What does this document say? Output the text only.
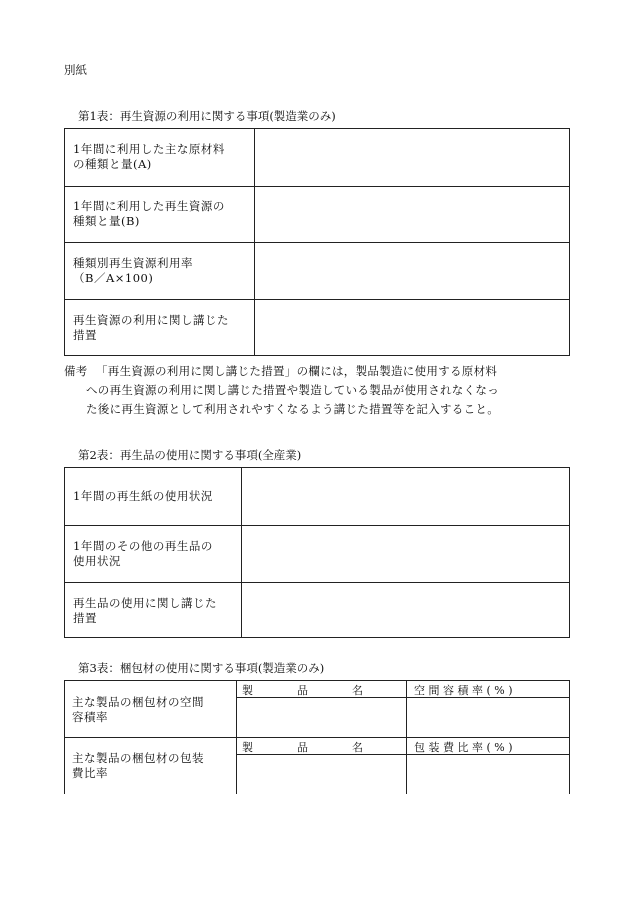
別紙
第1表：再生資源の利用に関する事項(製造業のみ)
1年間に利用した主な原材料
の種類と量(A)
1年間に利用した再生資源の
種類と量(B)
種類別再生資源利用率
（B／A×100)
再生資源の利用に関し講じた
措置
備考 「再生資源の利用に関し講じた措置」の欄には，製品製造に使用する原材料
への再生資源の利用に関し講じた措置や製造している製品が使用されなくなっ
た後に再生資源として利用されやすくなるよう講じた措置等を記入すること。
第2表：再生品の使用に関する事項(全産業)
1年間の再生紙の使用状況
1年間のその他の再生品の
使用状況
再生品の使用に関し講じた
措置
第3表：梱包材の使用に関する事項(製造業のみ)
主な製品の梱包材の空間
容積率
製　　　　品　　　　名	空 間 容 積 率 ( % )
主な製品の梱包材の包装
費比率
製　　　　品　　　　名	包 装 費 比 率 ( % )
